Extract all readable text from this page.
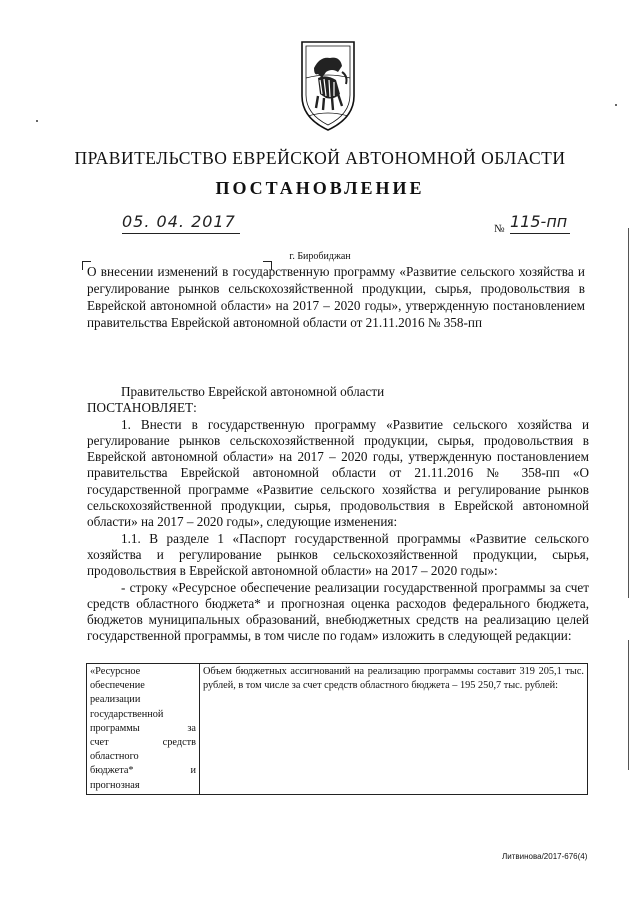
ПРАВИТЕЛЬСТВО ЕВРЕЙСКОЙ АВТОНОМНОЙ ОБЛАСТИ
ПОСТАНОВЛЕНИЕ
05. 04. 2017	№ 115-пп
г. Биробиджан
О внесении изменений в государственную программу «Развитие сельского хозяйства и регулирование рынков сельскохозяйственной продукции, сырья, продовольствия в Еврейской автономной области» на 2017 – 2020 годы», утвержденную постановлением правительства Еврейской автономной области от 21.11.2016 № 358-пп

Правительство Еврейской автономной области

ПОСТАНОВЛЯЕТ:

1. Внести в государственную программу «Развитие сельского хозяйства и регулирование рынков сельскохозяйственной продукции, сырья, продовольствия в Еврейской автономной области» на 2017 – 2020 годы, утвержденную постановлением правительства Еврейской автономной области от 21.11.2016 № 358-пп «О государственной программе «Развитие сельского хозяйства и регулирование рынков сельскохозяйственной продукции, сырья, продовольствия в Еврейской автономной области» на 2017 – 2020 годы», следующие изменения:

1.1. В разделе 1 «Паспорт государственной программы «Развитие сельского хозяйства и регулирование рынков сельскохозяйственной продукции, сырья, продовольствия в Еврейской автономной области» на 2017 – 2020 годы»:

- строку «Ресурсное обеспечение реализации государственной программы за счет средств областного бюджета* и прогнозная оценка расходов федерального бюджета, бюджетов муниципальных образований, внебюджетных средств на реализацию целей государственной программы, в том числе по годам» изложить в следующей редакции:

«Ресурсное
обеспечение
реализации
государственной
программы за
счет средств
областного
бюджета* и
прогнозная
	Объем бюджетных ассигнований на реализацию программы составит 319 205,1 тыс. рублей, в том числе за счет средств областного бюджета – 195 250,7 тыс. рублей:
Литвинова/2017-676(4)
